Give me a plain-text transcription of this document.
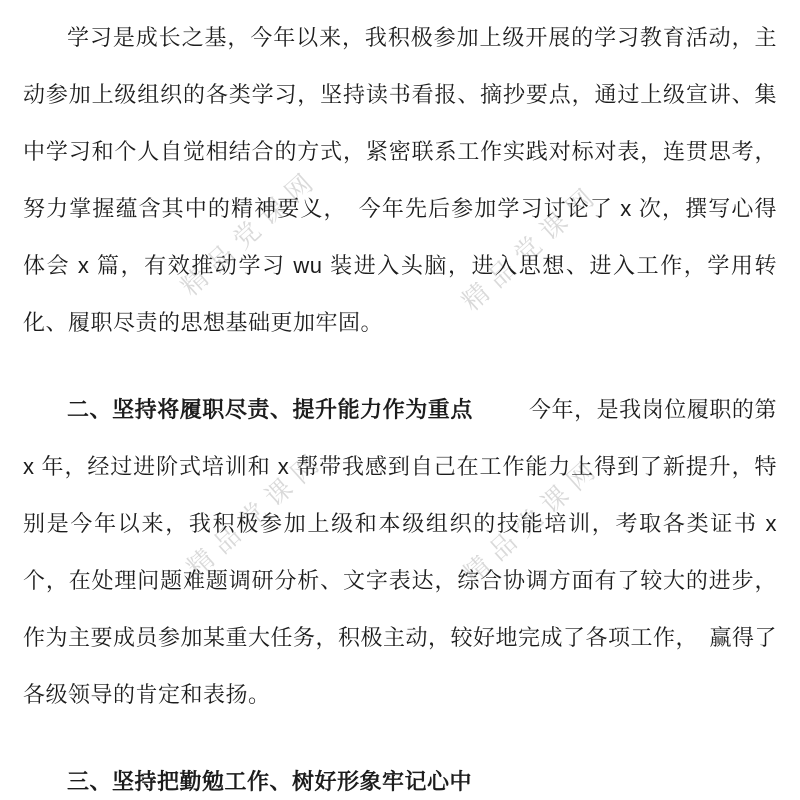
精品党课网	精品党课网
精品党课网	精品党课网

学习是成长之基，今年以来，我积极参加上级开展的学习教育活动，主动参加上级组织的各类学习，坚持读书看报、摘抄要点，通过上级宣讲、集中学习和个人自觉相结合的方式，紧密联系工作实践对标对表，连贯思考，努力掌握蕴含其中的精神要义，　今年先后参加学习讨论了 x 次，撰写心得体会 x 篇，有效推动学习 wu 装进入头脑，进入思想、进入工作，学用转化、履职尽责的思想基础更加牢固。

二、坚持将履职尽责、提升能力作为重点	今年，是我岗位履职的第 x 年，经过进阶式培训和 x 帮带我感到自己在工作能力上得到了新提升，特别是今年以来，我积极参加上级和本级组织的技能培训，考取各类证书 x 个，在处理问题难题调研分析、文字表达，综合协调方面有了较大的进步，作为主要成员参加某重大任务，积极主动，较好地完成了各项工作，　赢得了各级领导的肯定和表扬。

三、坚持把勤勉工作、树好形象牢记心中
